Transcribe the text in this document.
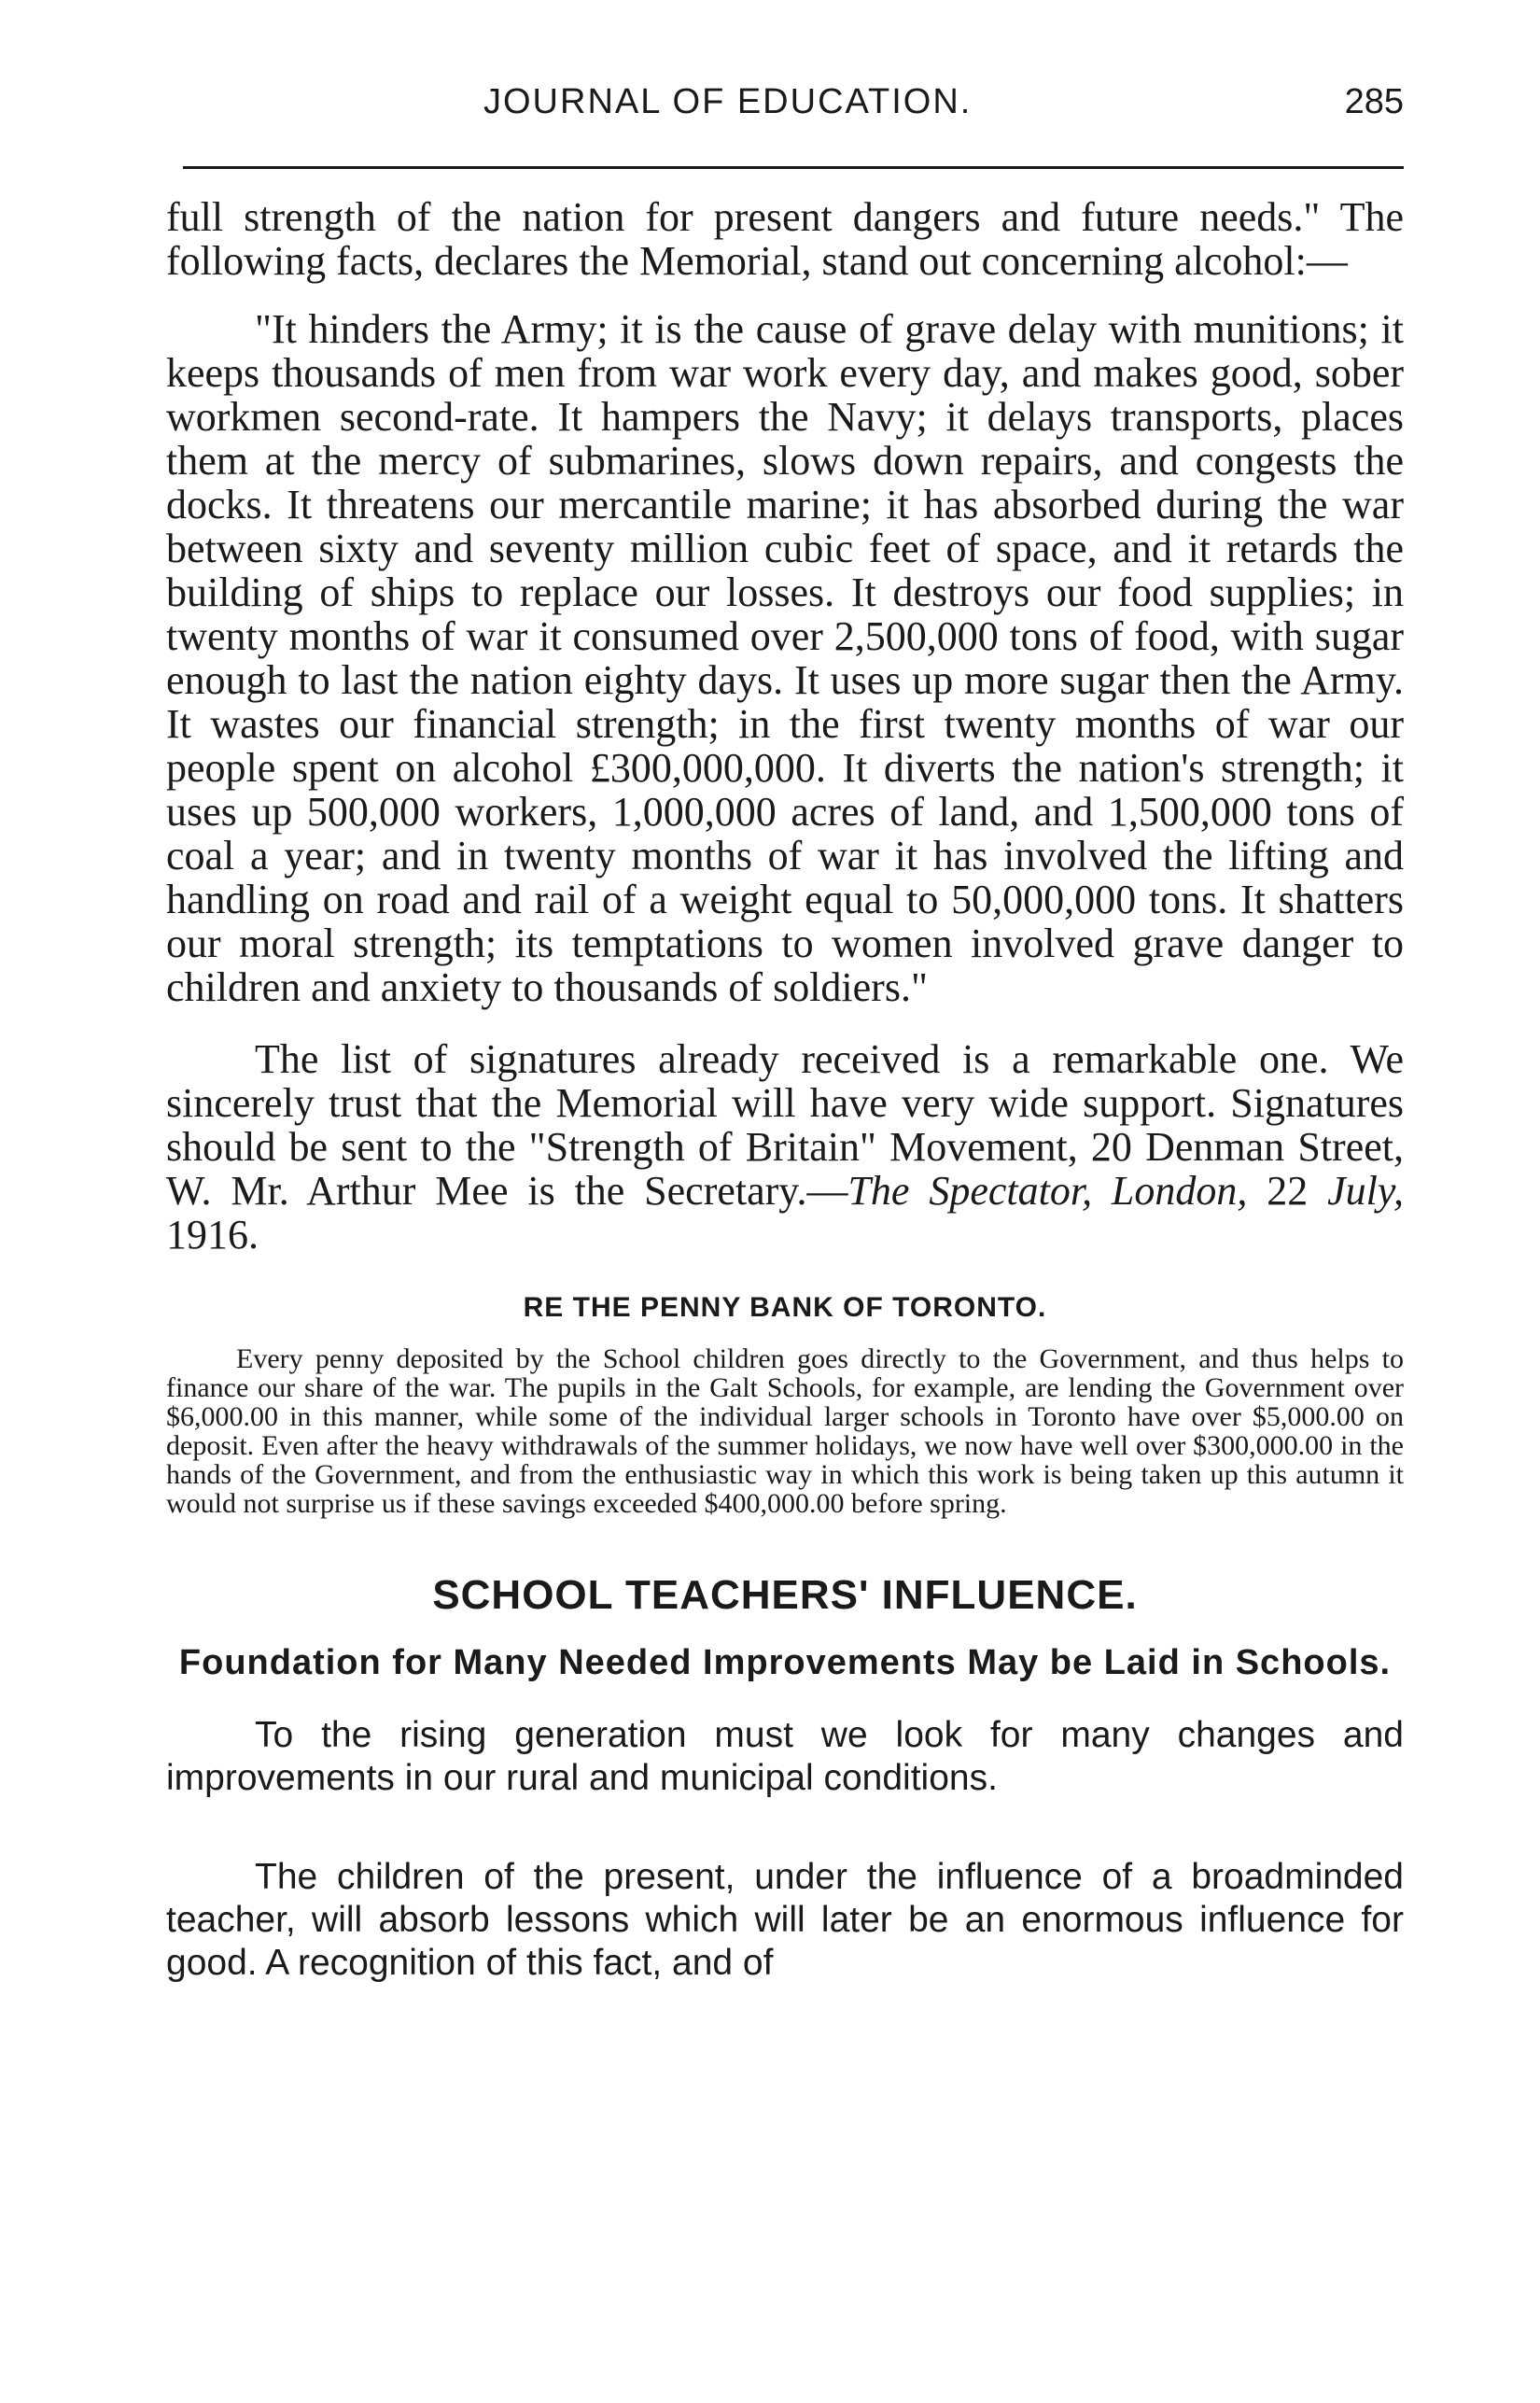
JOURNAL OF EDUCATION.	285

full strength of the nation for present dangers and future needs." The following facts, declares the Memorial, stand out concerning alcohol:—

"It hinders the Army; it is the cause of grave delay with munitions; it keeps thousands of men from war work every day, and makes good, sober workmen second-rate. It hampers the Navy; it delays transports, places them at the mercy of submarines, slows down repairs, and congests the docks. It threatens our mercantile marine; it has absorbed during the war between sixty and seventy million cubic feet of space, and it retards the building of ships to replace our losses. It destroys our food supplies; in twenty months of war it consumed over 2,500,000 tons of food, with sugar enough to last the nation eighty days. It uses up more sugar then the Army. It wastes our financial strength; in the first twenty months of war our people spent on alcohol £300,000,000. It diverts the nation's strength; it uses up 500,000 workers, 1,000,000 acres of land, and 1,500,000 tons of coal a year; and in twenty months of war it has involved the lifting and handling on road and rail of a weight equal to 50,000,000 tons. It shatters our moral strength; its temptations to women involved grave danger to children and anxiety to thousands of soldiers."

The list of signatures already received is a remarkable one. We sincerely trust that the Memorial will have very wide support. Signatures should be sent to the "Strength of Britain" Movement, 20 Denman Street, W. Mr. Arthur Mee is the Secretary.—The Spectator, London, 22 July, 1916.

RE THE PENNY BANK OF TORONTO.

Every penny deposited by the School children goes directly to the Government, and thus helps to finance our share of the war. The pupils in the Galt Schools, for example, are lending the Government over $6,000.00 in this manner, while some of the individual larger schools in Toronto have over $5,000.00 on deposit. Even after the heavy withdrawals of the summer holidays, we now have well over $300,000.00 in the hands of the Government, and from the enthusiastic way in which this work is being taken up this autumn it would not surprise us if these savings exceeded $400,000.00 before spring.

SCHOOL TEACHERS' INFLUENCE.
Foundation for Many Needed Improvements May be Laid in Schools.

To the rising generation must we look for many changes and improvements in our rural and municipal conditions.

The children of the present, under the influence of a broadminded teacher, will absorb lessons which will later be an enormous influence for good. A recognition of this fact, and of
